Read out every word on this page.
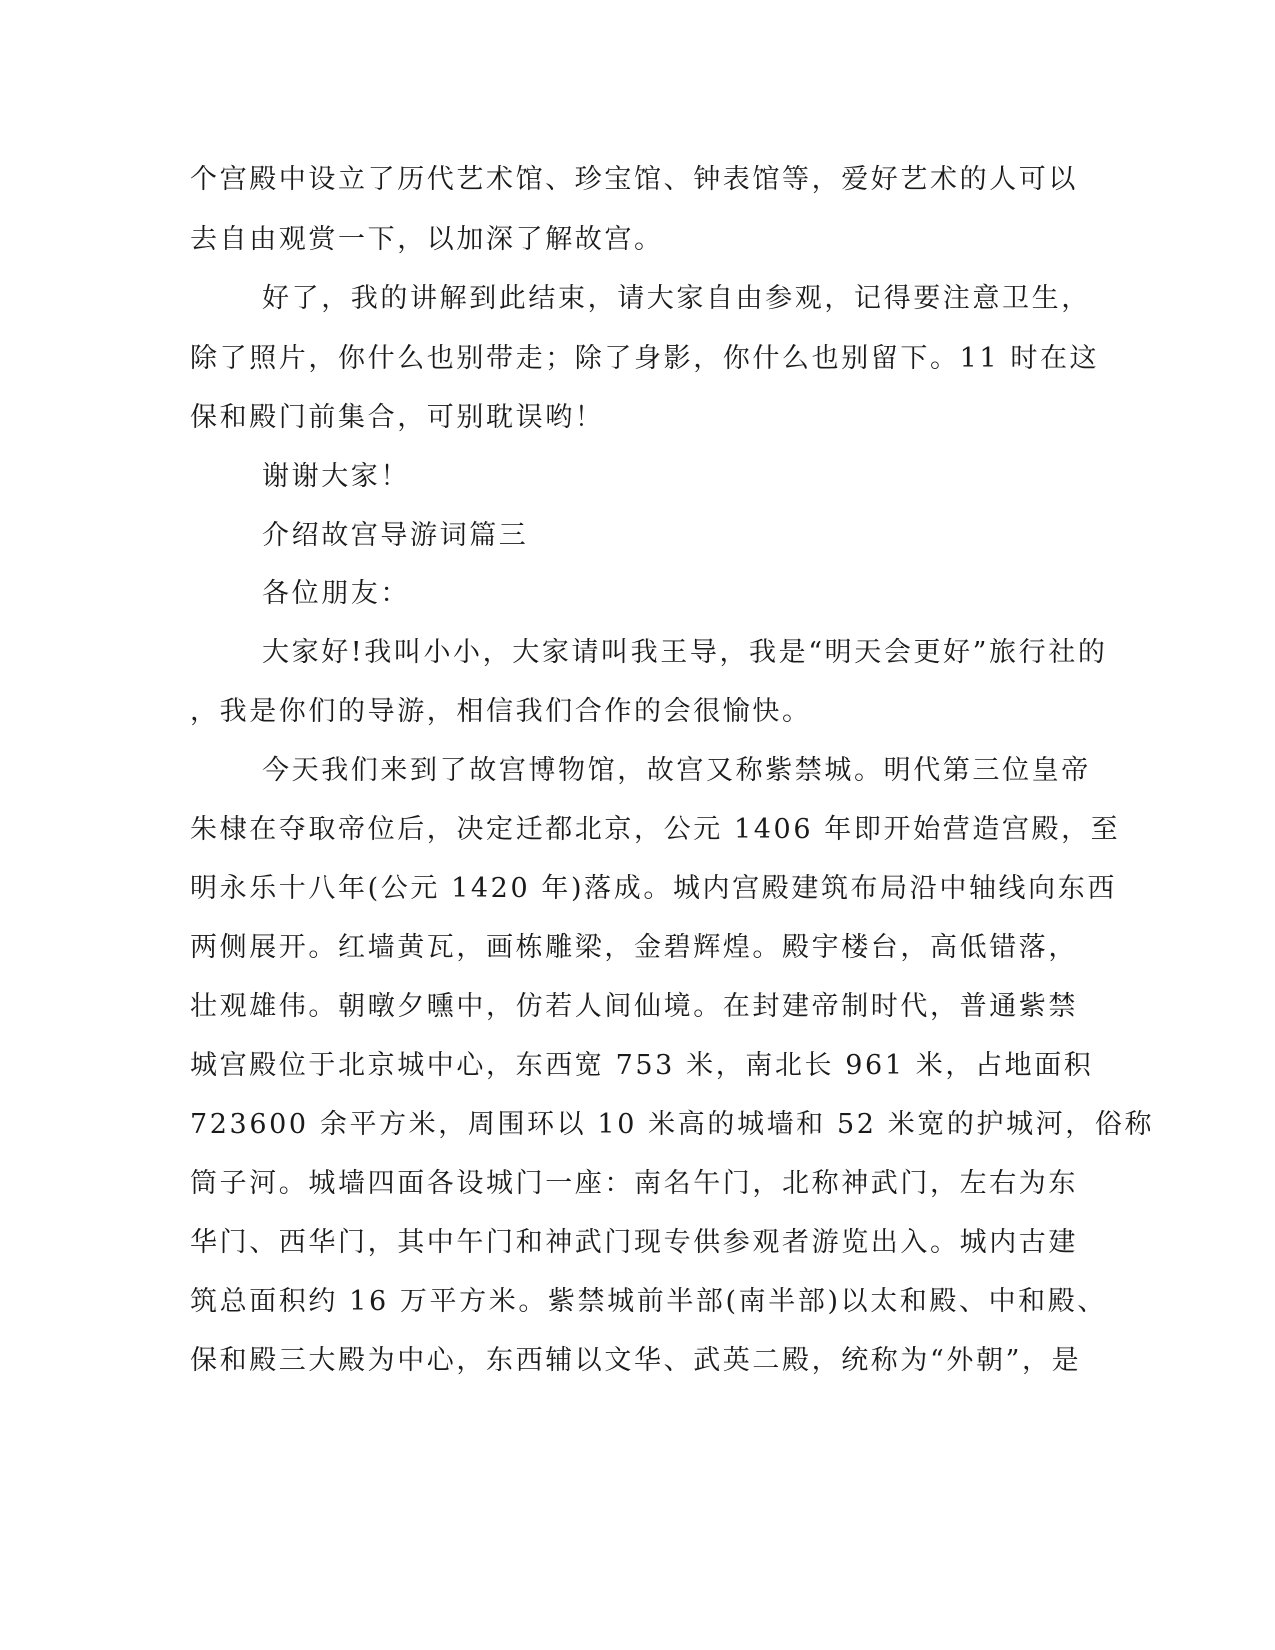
个宫殿中设立了历代艺术馆、珍宝馆、钟表馆等，爱好艺术的人可以
去自由观赏一下，以加深了解故宫。
好了，我的讲解到此结束，请大家自由参观，记得要注意卫生，
除了照片，你什么也别带走；除了身影，你什么也别留下。11 时在这
保和殿门前集合，可别耽误哟！
谢谢大家！
介绍故宫导游词篇三
各位朋友：
大家好!我叫小小，大家请叫我王导，我是“明天会更好”旅行社的
，我是你们的导游，相信我们合作的会很愉快。
今天我们来到了故宫博物馆，故宫又称紫禁城。明代第三位皇帝
朱棣在夺取帝位后，决定迁都北京，公元 1406 年即开始营造宫殿，至
明永乐十八年(公元 1420 年)落成。城内宫殿建筑布局沿中轴线向东西
两侧展开。红墙黄瓦，画栋雕梁，金碧辉煌。殿宇楼台，高低错落，
壮观雄伟。朝暾夕曛中，仿若人间仙境。在封建帝制时代，普通紫禁
城宫殿位于北京城中心，东西宽 753 米，南北长 961 米，占地面积
723600 余平方米，周围环以 10 米高的城墙和 52 米宽的护城河，俗称
筒子河。城墙四面各设城门一座：南名午门，北称神武门，左右为东
华门、西华门，其中午门和神武门现专供参观者游览出入。城内古建
筑总面积约 16 万平方米。紫禁城前半部(南半部)以太和殿、中和殿、
保和殿三大殿为中心，东西辅以文华、武英二殿，统称为“外朝”，是
